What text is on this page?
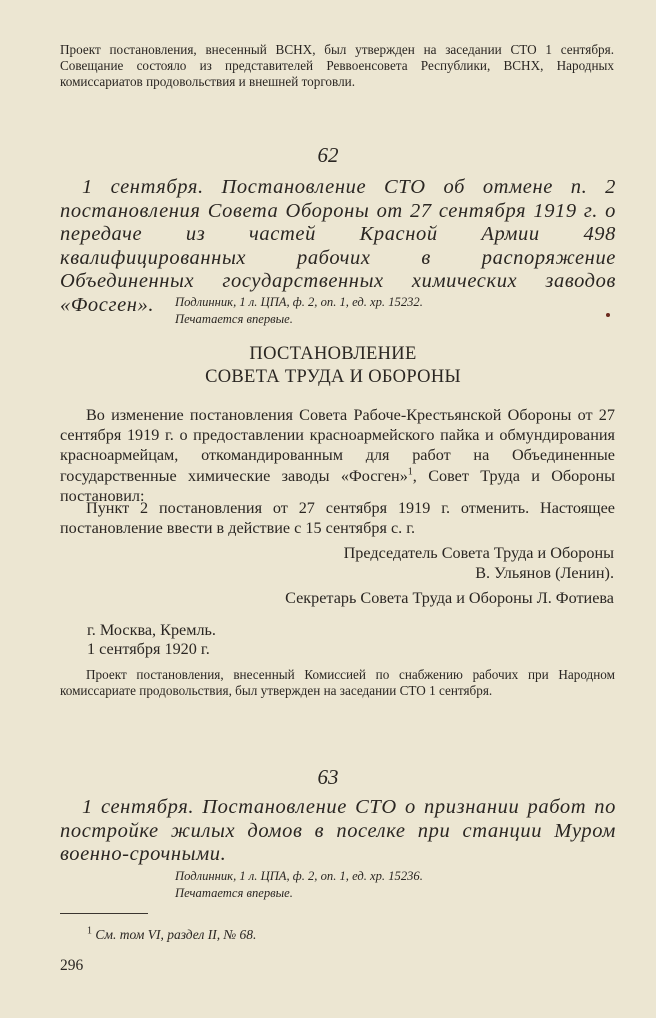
Проект постановления, внесенный ВСНХ, был утвержден на заседании СТО 1 сентября. Совещание состояло из представителей Реввоенсовета Республики, ВСНХ, Народных комиссариатов продовольствия и внешней торговли.

62

1 сентября. Постановление СТО об отмене п. 2 постановления Совета Обороны от 27 сентября 1919 г. о передаче из частей Красной Армии 498 квалифицированных рабочих в распоряжение Объединенных государственных химических заводов «Фосген».	Подлинник, 1 л. ЦПА, ф. 2, оп. 1, ед. хр. 15232.
Печатается впервые.
ПОСТАНОВЛЕНИЕ
СОВЕТА ТРУДА И ОБОРОНЫ

Во изменение постановления Совета Рабоче-Крестьянской Обороны от 27 сентября 1919 г. о предоставлении красноармейского пайка и обмундирования красноармейцам, откомандированным для работ на Объединенные государственные химические заводы «Фосген»$^1$, Совет Труда и Обороны постановил:

Пункт 2 постановления от 27 сентября 1919 г. отменить. Настоящее постановление ввести в действие с 15 сентября с. г.

Председатель Совета Труда и Обороны
В. Ульянов (Ленин).
Секретарь Совета Труда и Обороны Л. Фотиева
г. Москва, Кремль.
1 сентября 1920 г.

Проект постановления, внесенный Комиссией по снабжению рабочих при Народном комиссариате продовольствия, был утвержден на заседании СТО 1 сентября.

63

1 сентября. Постановление СТО о признании работ по постройке жилых домов в поселке при станции Муром военно-срочными.

Подлинник, 1 л. ЦПА, ф. 2, оп. 1, ед. хр. 15236.
Печатается впервые.
$^1$ См. том VI, раздел II, № 68.
296
